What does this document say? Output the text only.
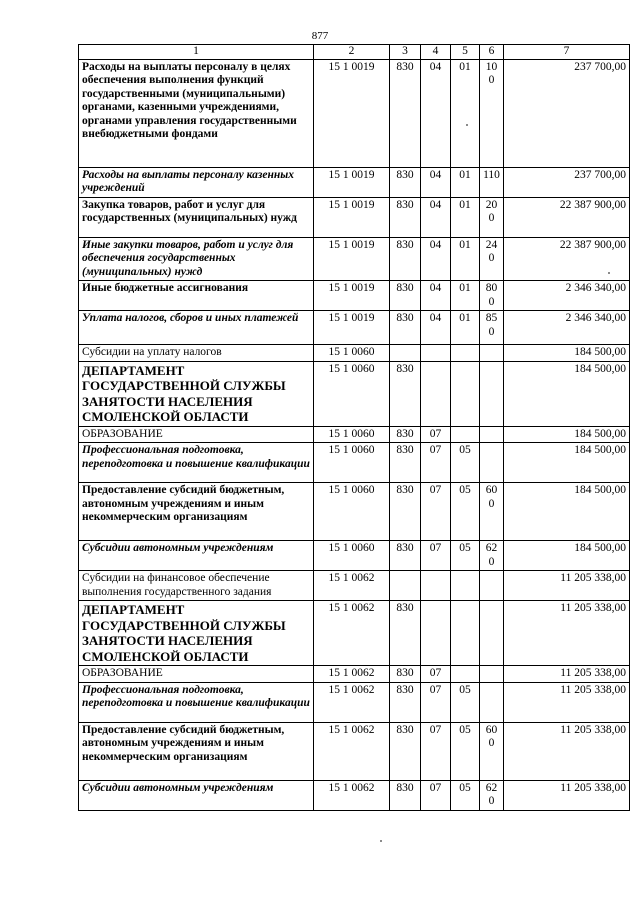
877
1	2	3	4	5	6	7
Расходы на выплаты персоналу в целях обеспечения выполнения функций государственными (муниципальными) органами, казенными учреждениями, органами управления государственными внебюджетными фондами	15 1 0019	830	04	01	100	237 700,00
Расходы на выплаты персоналу казенных учреждений	15 1 0019	830	04	01	110	237 700,00
Закупка товаров, работ и услуг для государственных (муниципальных) нужд	15 1 0019	830	04	01	200	22 387 900,00
Иные закупки товаров, работ и услуг для обеспечения государственных (муниципальных) нужд	15 1 0019	830	04	01	240	22 387 900,00
Иные бюджетные ассигнования	15 1 0019	830	04	01	800	2 346 340,00
Уплата налогов, сборов и иных платежей	15 1 0019	830	04	01	850	2 346 340,00
Субсидии на уплату налогов	15 1 0060					184 500,00
ДЕПАРТАМЕНТ ГОСУДАРСТВЕННОЙ СЛУЖБЫ ЗАНЯТОСТИ НАСЕЛЕНИЯ СМОЛЕНСКОЙ ОБЛАСТИ	15 1 0060	830				184 500,00
ОБРАЗОВАНИЕ	15 1 0060	830	07			184 500,00
Профессиональная подготовка, переподготовка и повышение квалификации	15 1 0060	830	07	05		184 500,00
Предоставление субсидий бюджетным, автономным учреждениям и иным некоммерческим организациям	15 1 0060	830	07	05	600	184 500,00
Субсидии автономным учреждениям	15 1 0060	830	07	05	620	184 500,00
Субсидии на финансовое обеспечение выполнения государственного задания	15 1 0062					11 205 338,00
ДЕПАРТАМЕНТ ГОСУДАРСТВЕННОЙ СЛУЖБЫ ЗАНЯТОСТИ НАСЕЛЕНИЯ СМОЛЕНСКОЙ ОБЛАСТИ	15 1 0062	830				11 205 338,00
ОБРАЗОВАНИЕ	15 1 0062	830	07			11 205 338,00
Профессиональная подготовка, переподготовка и повышение квалификации	15 1 0062	830	07	05		11 205 338,00
Предоставление субсидий бюджетным, автономным учреждениям и иным некоммерческим организациям	15 1 0062	830	07	05	600	11 205 338,00
Субсидии автономным учреждениям	15 1 0062	830	07	05	620	11 205 338,00
